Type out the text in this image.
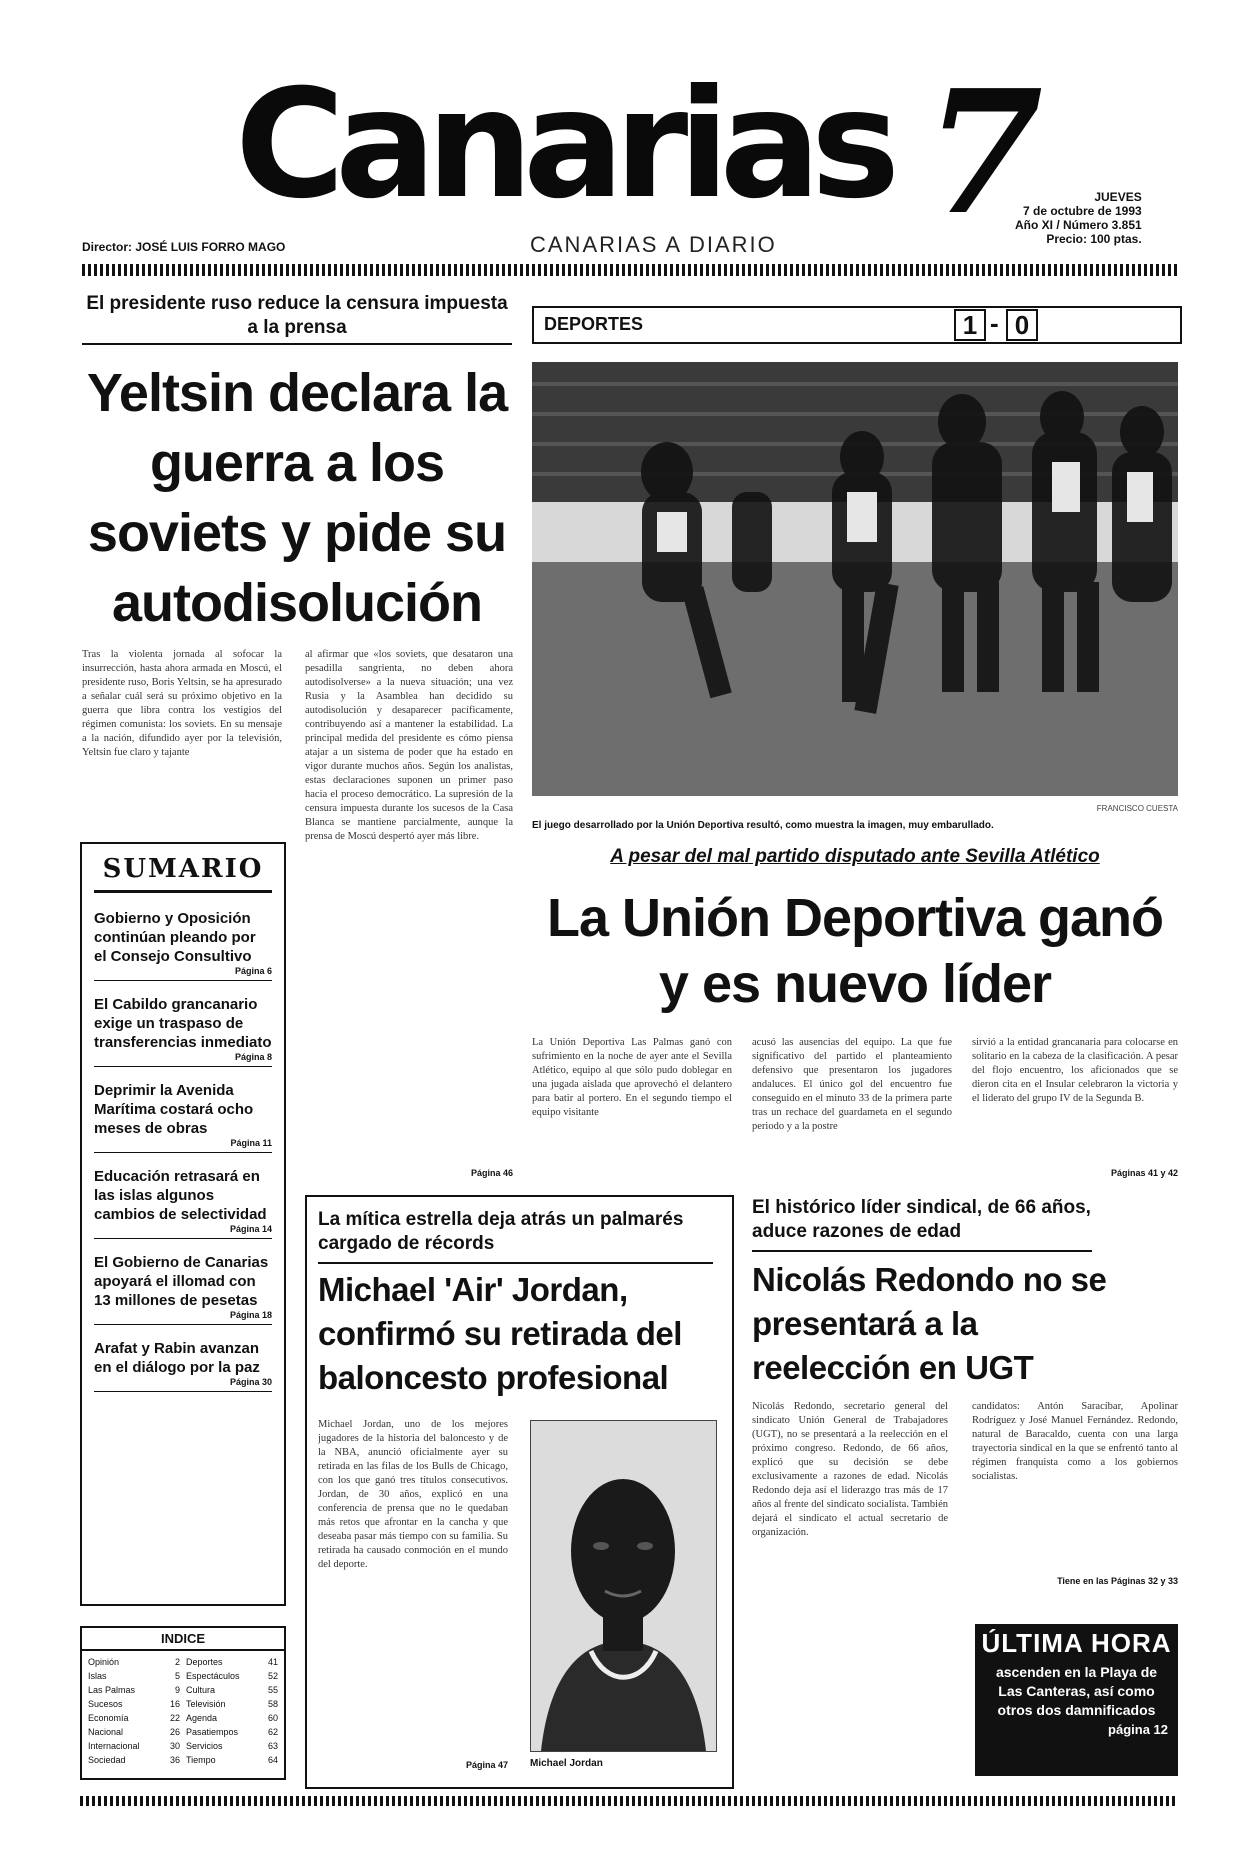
Canarias 7
CANARIAS A DIARIO
Director: JOSÉ LUIS FORRO MAGO
JUEVES
7 de octubre de 1993
Año XI / Número 3.851
Precio: 100 ptas.
El presidente ruso reduce la censura impuesta a la prensa
Yeltsin declara la guerra a los soviets y pide su autodisolución
Tras la violenta jornada al sofocar la insurrección, hasta ahora armada en Moscú, el presidente ruso, Boris Yeltsin, se ha apresurado a señalar cuál será su próximo objetivo en la guerra que libra contra los vestigios del régimen comunista: los soviets. En su mensaje a la nación, difundido ayer por la televisión, Yeltsin fue claro y tajante
al afirmar que «los soviets, que desataron una pesadilla sangrienta, no deben ahora autodisolverse» a la nueva situación; una vez Rusia y la Asamblea han decidido su autodisolución y desaparecer pacíficamente, contribuyendo así a mantener la estabilidad. La principal medida del presidente es cómo piensa atajar a un sistema de poder que ha estado en vigor durante muchos años. Según los analistas, estas declaraciones suponen un primer paso hacia el proceso democrático. La supresión de la censura impuesta durante los sucesos de la Casa Blanca se mantiene parcialmente, aunque la prensa de Moscú despertó ayer más libre.
Página 46
SUMARIO
Gobierno y Oposición continúan pleando por el Consejo Consultivo
Página 6
El Cabildo grancanario exige un traspaso de transferencias inmediato
Página 8
Deprimir la Avenida Marítima costará ocho meses de obras
Página 11
Educación retrasará en las islas algunos cambios de selectividad
Página 14
El Gobierno de Canarias apoyará el illomad con 13 millones de pesetas
Página 18
Arafat y Rabin avanzan en el diálogo por la paz
Página 30
INDICE
Opinión	2 Deportes	41
Islas	5 Espectáculos	52
Las Palmas	9 Cultura	55
Sucesos	16 Televisión	58
Economía	22 Agenda	60
Nacional	26 Pasatiempos	62
Internacional	30 Servicios	63
Sociedad	36 Tiempo	64
DEPORTES	1 - 0
FRANCISCO CUESTA
El juego desarrollado por la Unión Deportiva resultó, como muestra la imagen, muy embarullado.
A pesar del mal partido disputado ante Sevilla Atlético
La Unión Deportiva ganó y es nuevo líder
La Unión Deportiva Las Palmas ganó con sufrimiento en la noche de ayer ante el Sevilla Atlético, equipo al que sólo pudo doblegar en una jugada aislada que aprovechó el delantero para batir al portero. En el segundo tiempo el equipo visitante
acusó las ausencias del equipo. La que fue significativo del partido el planteamiento defensivo que presentaron los jugadores andaluces. El único gol del encuentro fue conseguido en el minuto 33 de la primera parte tras un rechace del guardameta en el segundo periodo y a la postre
sirvió a la entidad grancanaria para colocarse en solitario en la cabeza de la clasificación. A pesar del flojo encuentro, los aficionados que se dieron cita en el Insular celebraron la victoria y el liderato del grupo IV de la Segunda B.
Páginas 41 y 42
La mítica estrella deja atrás un palmarés cargado de récords
Michael 'Air' Jordan, confirmó su retirada del baloncesto profesional
Michael Jordan, uno de los mejores jugadores de la historia del baloncesto y de la NBA, anunció oficialmente ayer su retirada en las filas de los Bulls de Chicago, con los que ganó tres títulos consecutivos. Jordan, de 30 años, explicó en una conferencia de prensa que no le quedaban más retos que afrontar en la cancha y que deseaba pasar más tiempo con su familia. Su retirada ha causado conmoción en el mundo del deporte.
Página 47 Michael Jordan
El histórico líder sindical, de 66 años, aduce razones de edad
Nicolás Redondo no se presentará a la reelección en UGT
Nicolás Redondo, secretario general del sindicato Unión General de Trabajadores (UGT), no se presentará a la reelección en el próximo congreso. Redondo, de 66 años, explicó que su decisión se debe exclusivamente a razones de edad. Nicolás Redondo deja así el liderazgo tras más de 17 años al frente del sindicato socialista. También dejará el sindicato el actual secretario de organización.
candidatos: Antón Saracíbar, Apolinar Rodríguez y José Manuel Fernández. Redondo, natural de Baracaldo, cuenta con una larga trayectoria sindical en la que se enfrentó tanto al régimen franquista como a los gobiernos socialistas.
Tiene en las Páginas 32 y 33
ÚLTIMA HORA
ascenden en la Playa de Las Canteras, así como otros dos damnificados
página 12
